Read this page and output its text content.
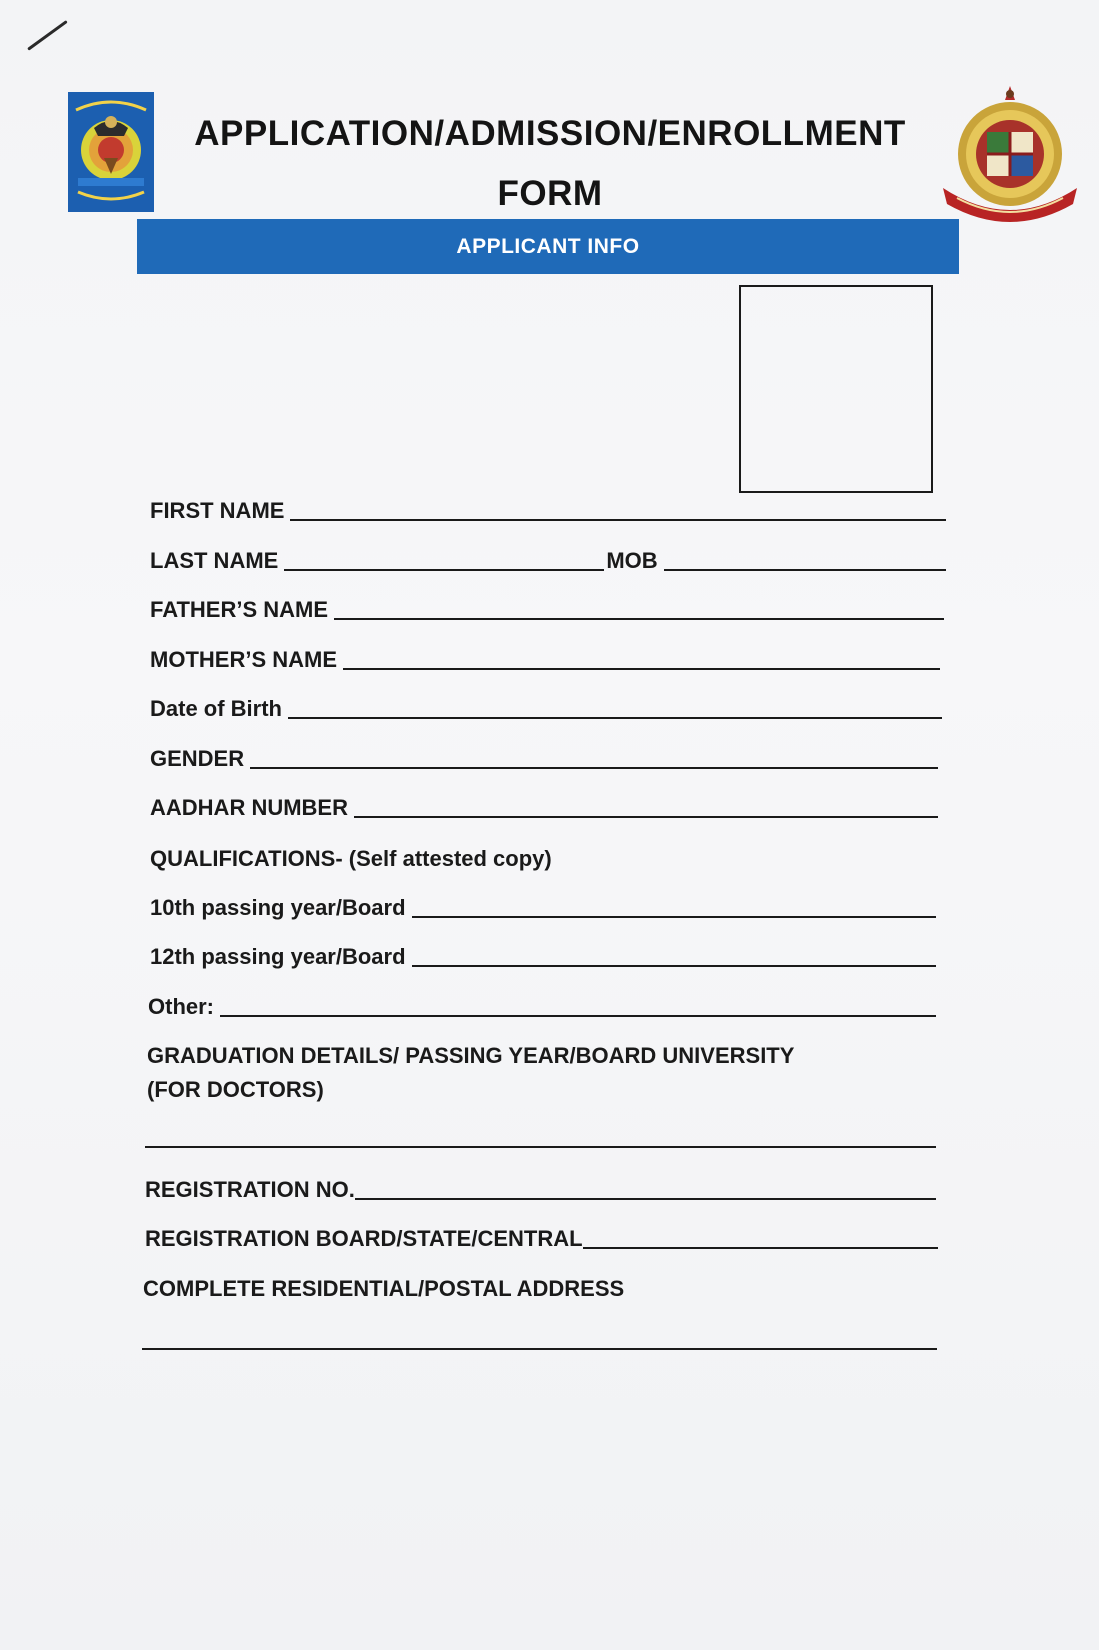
APPLICATION/ADMISSION/ENROLLMENT
FORM
APPLICANT INFO
FIRST NAME
LAST NAME	MOB
FATHER’S NAME
MOTHER’S NAME
Date of Birth
GENDER
AADHAR NUMBER
QUALIFICATIONS- (Self attested copy)
10th passing year/Board
12th passing year/Board
Other:
GRADUATION DETAILS/ PASSING YEAR/BOARD UNIVERSITY
(FOR DOCTORS)
REGISTRATION NO.
REGISTRATION BOARD/STATE/CENTRAL
COMPLETE RESIDENTIAL/POSTAL ADDRESS
